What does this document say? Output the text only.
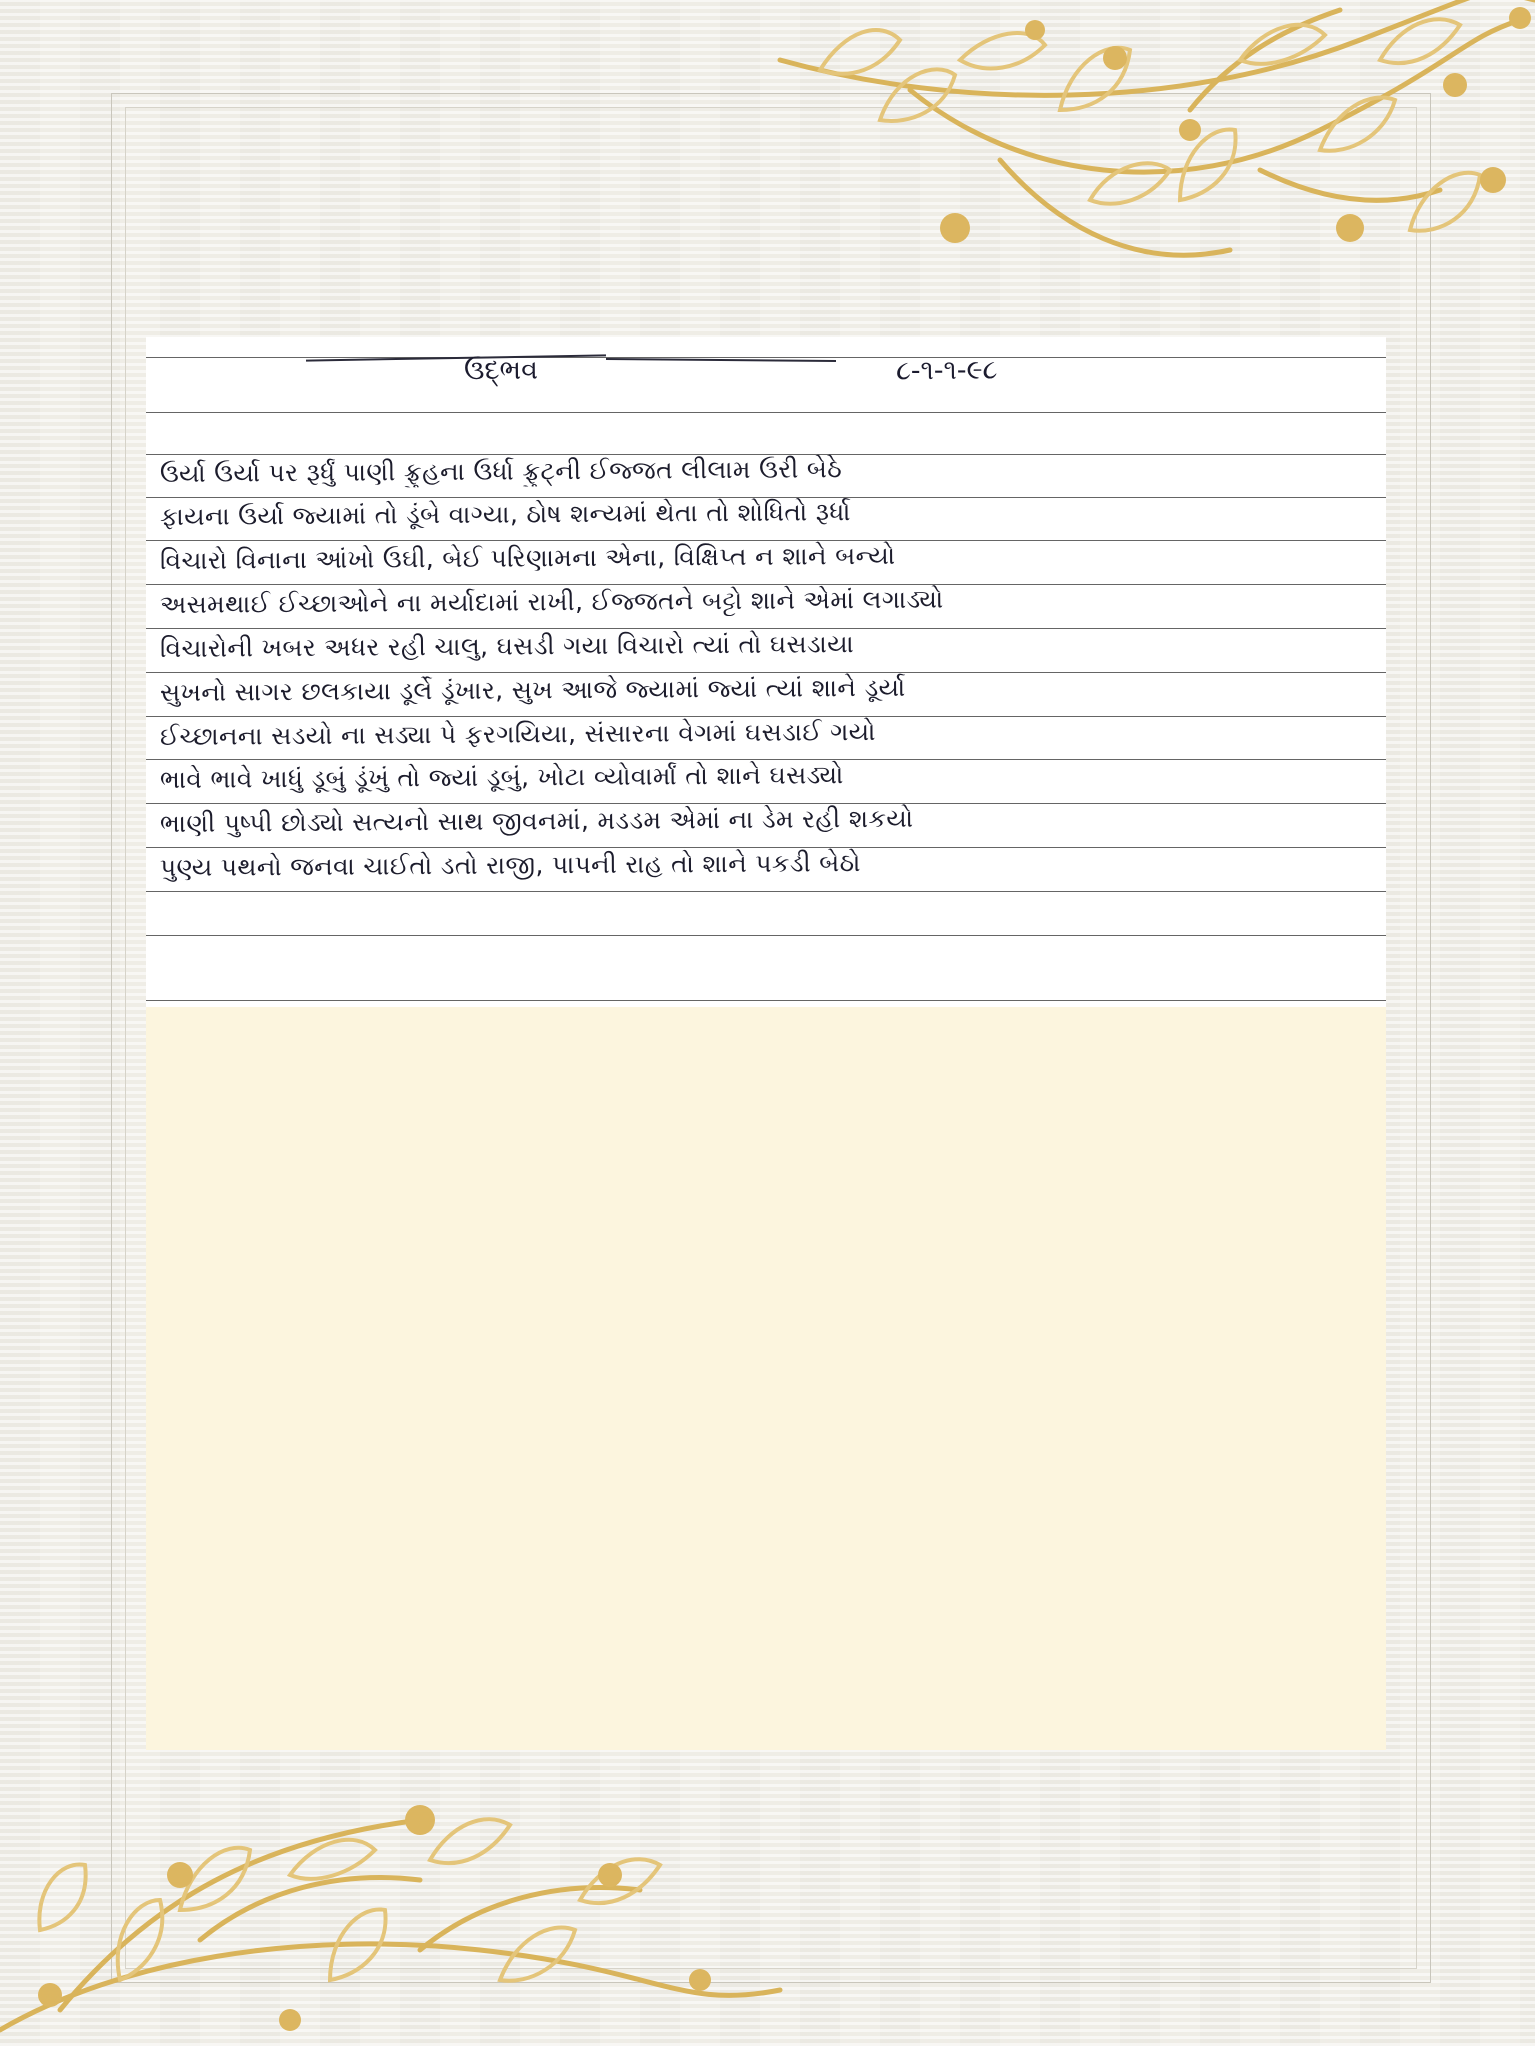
ઉદ્ભવ	૮-૧-૧-૯૮
ઉર્યા ઉર્યા પર રૂર્ધું પાણી ફ્રુહના ઉર્ધા ફ્રુટ્ની ઈજ્જત લીલામ ઉરી બેઠે
ફાયના ઉર્યા જ્યામાં તો ડૂંબે વાગ્યા, ઠોષ શન્યમાં થેતા તો શોધિતો રૂર્ધા
વિચારો વિનાના આંખો ઉંઘી, બેઈ પરિણામના એના, વિક્ષિપ્ત ન શાને બન્યો
અસમથાઈ ઈચ્છાઓને ના મર્યાદામાં રાખી, ઈજ્જતને બટ્ટો શાને એમાં લગાડ્યો
વિચારોની ખબર અધર રહી ચાલુ, ઘસડી ગયા વિચારો ત્યાં તો ઘસડાયા
સુખનો સાગર છલકાયા ડૂર્લે ડૂંખાર, સુખ આજે જ્યામાં જ્યાં ત્યાં શાને ડૂર્યા
ઈચ્છાનના સડયો ના સડ્યા પે ફરગયિયા, સંસારના વેગમાં ઘસડાઈ ગયો
ભાવે ભાવે ખાધું ડૂબું ડૂંખું તો જ્યાં ડૂબું, ખોટા વ્યોવાર્માં તો શાને ઘસડ્યો
ભાણી પુષ્પી છોડ્યો સત્યનો સાથ જીવનમાં, મડડમ એમાં ના ડેમ રહી શકયો
પુણ્ય પથનો જનવા ચાઈતો ડતો રાજી, પાપની રાહ તો શાને પકડી બેઠો
